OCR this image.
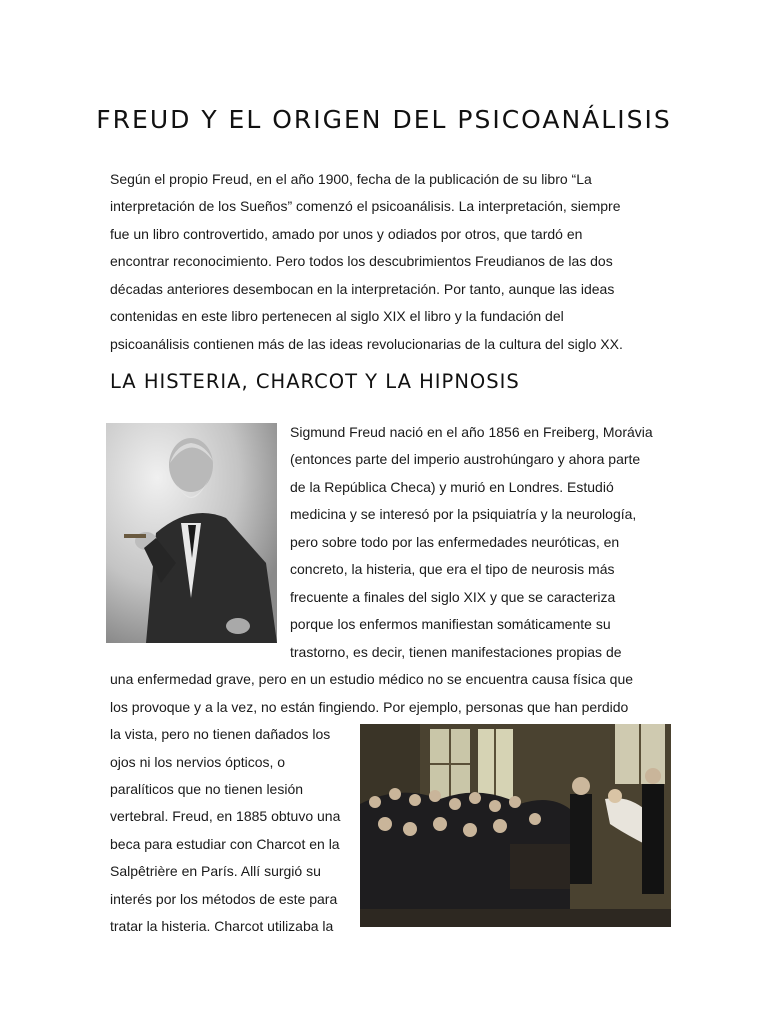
FREUD Y EL ORIGEN DEL PSICOANÁLISIS
Según el propio Freud, en el año 1900, fecha de la publicación de su libro “La
interpretación de los Sueños” comenzó el psicoanálisis. La interpretación, siempre
fue un libro controvertido, amado por unos y odiados por otros, que tardó en
encontrar reconocimiento. Pero todos los descubrimientos Freudianos de las dos
décadas anteriores desembocan en la interpretación. Por tanto, aunque las ideas
contenidas en este libro pertenecen al siglo XIX el libro y la fundación del
psicoanálisis contienen más de las ideas revolucionarias de la cultura del siglo XX.
LA HISTERIA, CHARCOT Y LA HIPNOSIS
Sigmund Freud nació en el año 1856 en Freiberg, Morávia
(entonces parte del imperio austrohúngaro y ahora parte
de la República Checa) y murió en Londres. Estudió
medicina y se interesó por la psiquiatría y la neurología,
pero sobre todo por las enfermedades neuróticas, en
concreto, la histeria, que era el tipo de neurosis más
frecuente a finales del siglo XIX y que se caracteriza
porque los enfermos manifiestan somáticamente su
trastorno, es decir, tienen manifestaciones propias de
una enfermedad grave, pero en un estudio médico no se encuentra causa física que
los provoque y a la vez, no están fingiendo. Por ejemplo, personas que han perdido
la vista, pero no tienen dañados los
ojos ni los nervios ópticos, o
paralíticos que no tienen lesión
vertebral. Freud, en 1885 obtuvo una
beca para estudiar con Charcot en la
Salpêtrière en París. Allí surgió su
interés por los métodos de este para
tratar la histeria. Charcot utilizaba la
